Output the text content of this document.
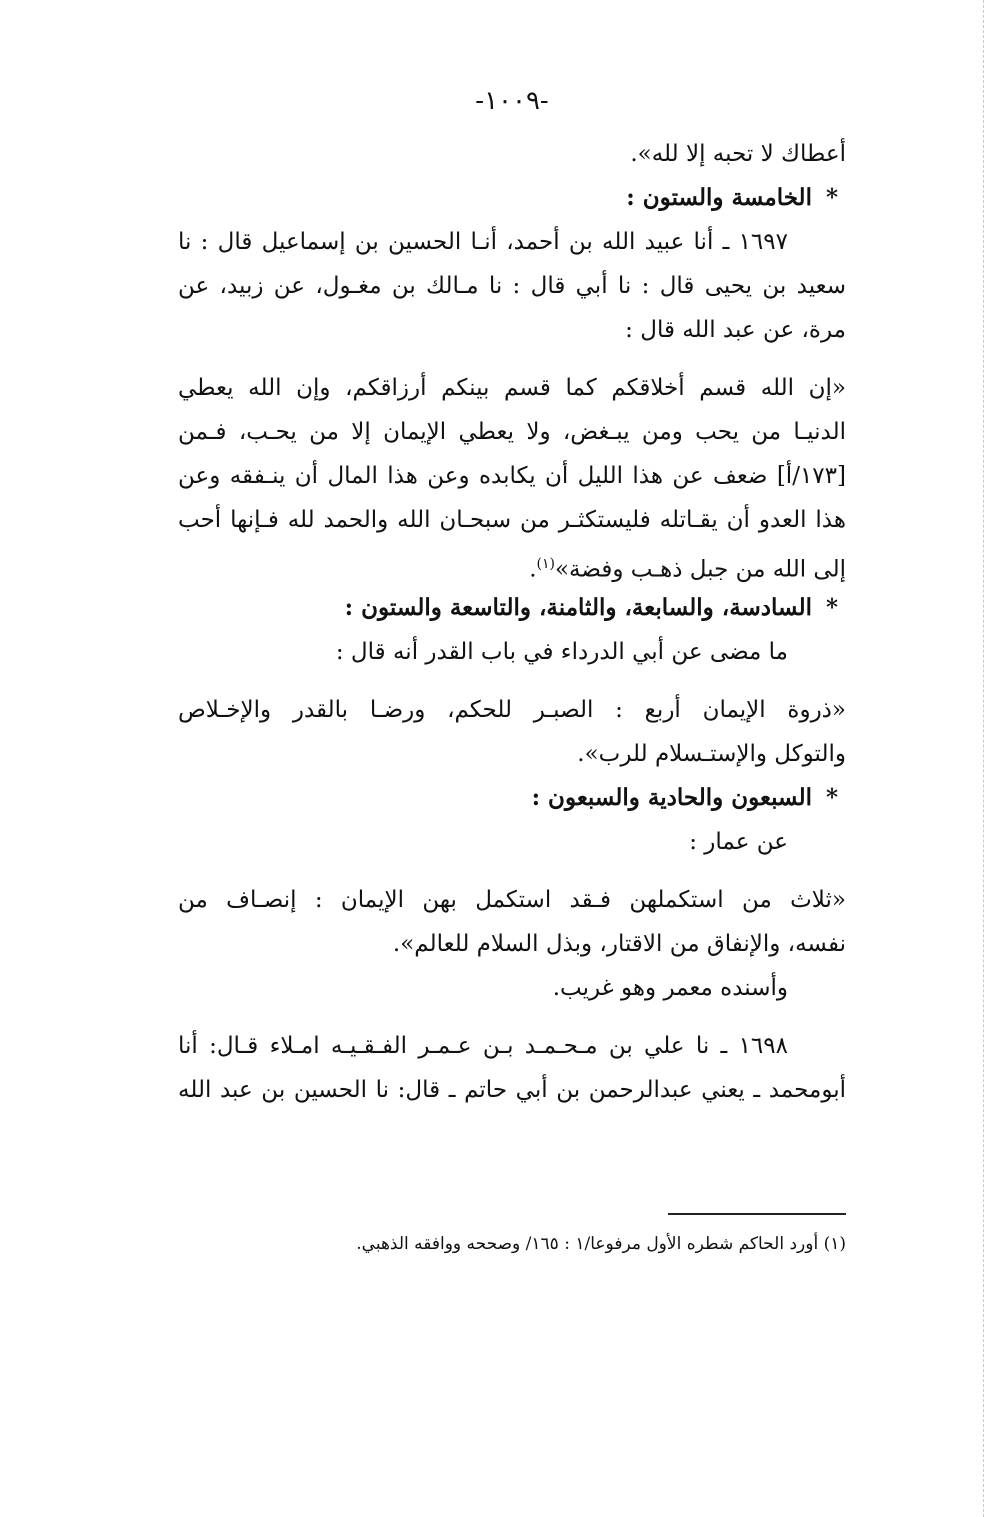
-١٠٠٩-
أعطاك لا تحبه إلا لله».
*الخامسة والستون :
١٦٩٧ ـ أنا عبيد الله بن أحمد، أنـا الحسين بن إسماعيل قال : نا
سعيد بن يحيى قال : نا أبي قال : نا مـالك بن مغـول، عن زبيد، عن
مرة، عن عبد الله قال :
«إن الله قسم أخلاقكم كما قسم بينكم أرزاقكم، وإن الله يعطي
الدنيـا من يحب ومن يبـغض، ولا يعطي الإيمان إلا من يحـب، فـمن
[١٧٣/أ] ضعف عن هذا الليل أن يكابده وعن هذا المال أن ينـفقه وعن
هذا العدو أن يقـاتله فليستكثـر من سبحـان الله والحمد لله فـإنها أحب
إلى الله من جبل ذهـب وفضة»$^{(١)}$.
*السادسة، والسابعة، والثامنة، والتاسعة والستون :
ما مضى عن أبي الدرداء في باب القدر أنه قال :
«ذروة الإيمان أربع : الصبـر للحكم، ورضـا بالقدر والإخـلاص
والتوكل والإستـسلام للرب».
*السبعون والحادية والسبعون :
عن عمار :
«ثلاث من استكملهن فـقد استكمل بهن الإيمان : إنصـاف من
نفسه، والإنفاق من الاقتار، وبذل السلام للعالم».
وأسنده معمر وهو غريب.
١٦٩٨ ـ نا علي بن مـحـمـد بـن عـمـر الفـقـيـه امـلاء قـال: أنا
أبومحمد ـ يعني عبدالرحمن بن أبي حاتم ـ قال: نا الحسين بن عبد الله
(١) أورد الحاكم شطره الأول مرفوعا/١ : ١٦٥/ وصححه ووافقه الذهبي.
